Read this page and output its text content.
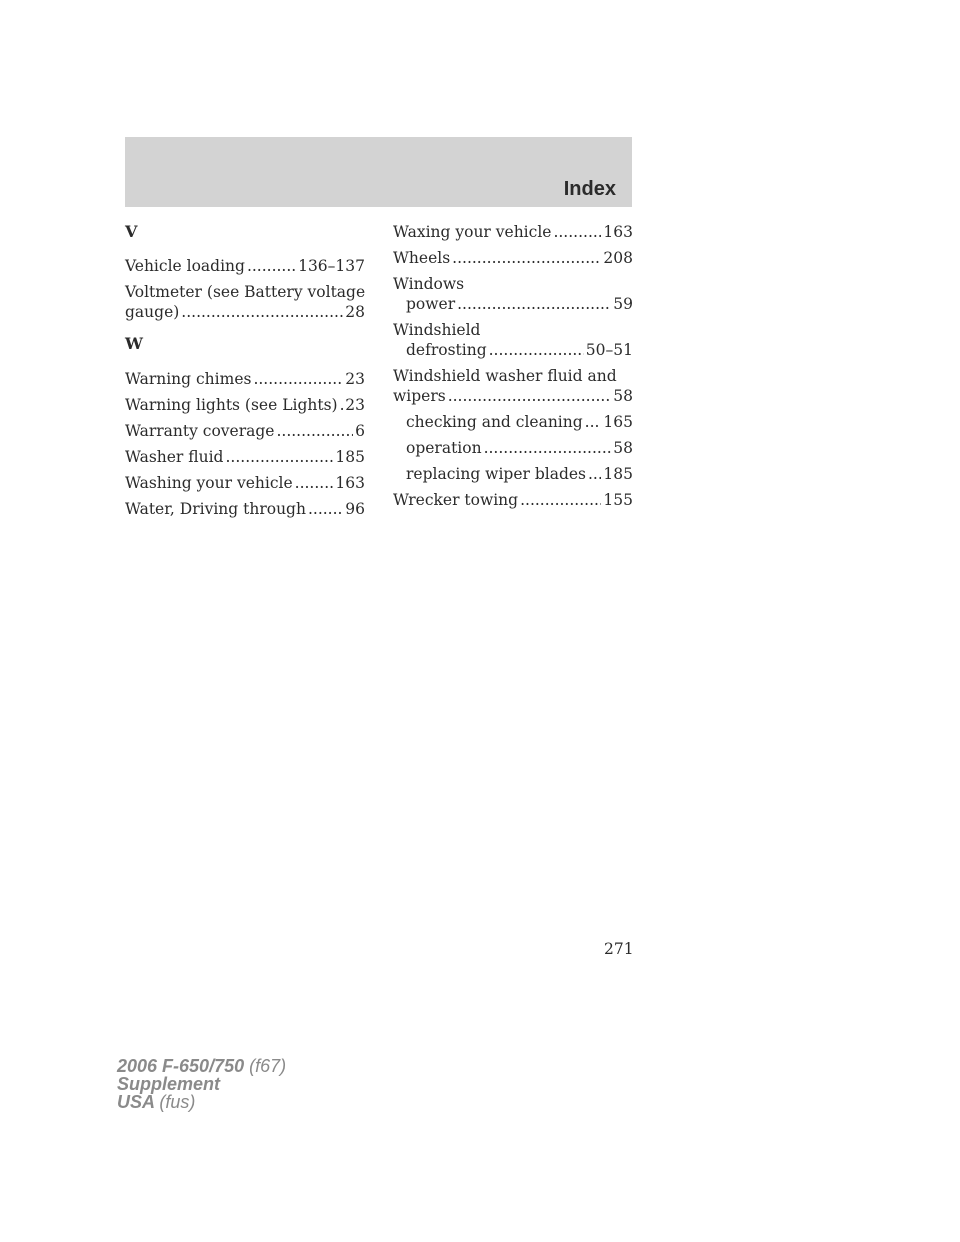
Index

V

Vehicle loading .....	136–137
Voltmeter (see Battery voltage
gauge) .....	28

W

Warning chimes .....	23
Warning lights (see Lights) ..... 23
Warranty coverage .....	6
Washer fluid .....	185
Washing your vehicle .....	163
Water, Driving through .....	96
Waxing your vehicle .....	163
Wheels .....	208
Windows
power .....	59
Windshield
defrosting .....	50–51
Windshield washer fluid and
wipers .....	58
checking and cleaning ..... 165
operation .....	58
replacing wiper blades ..... 185
Wrecker towing .....	155
271
2006 F-650/750 (f67)
Supplement
USA (fus)
